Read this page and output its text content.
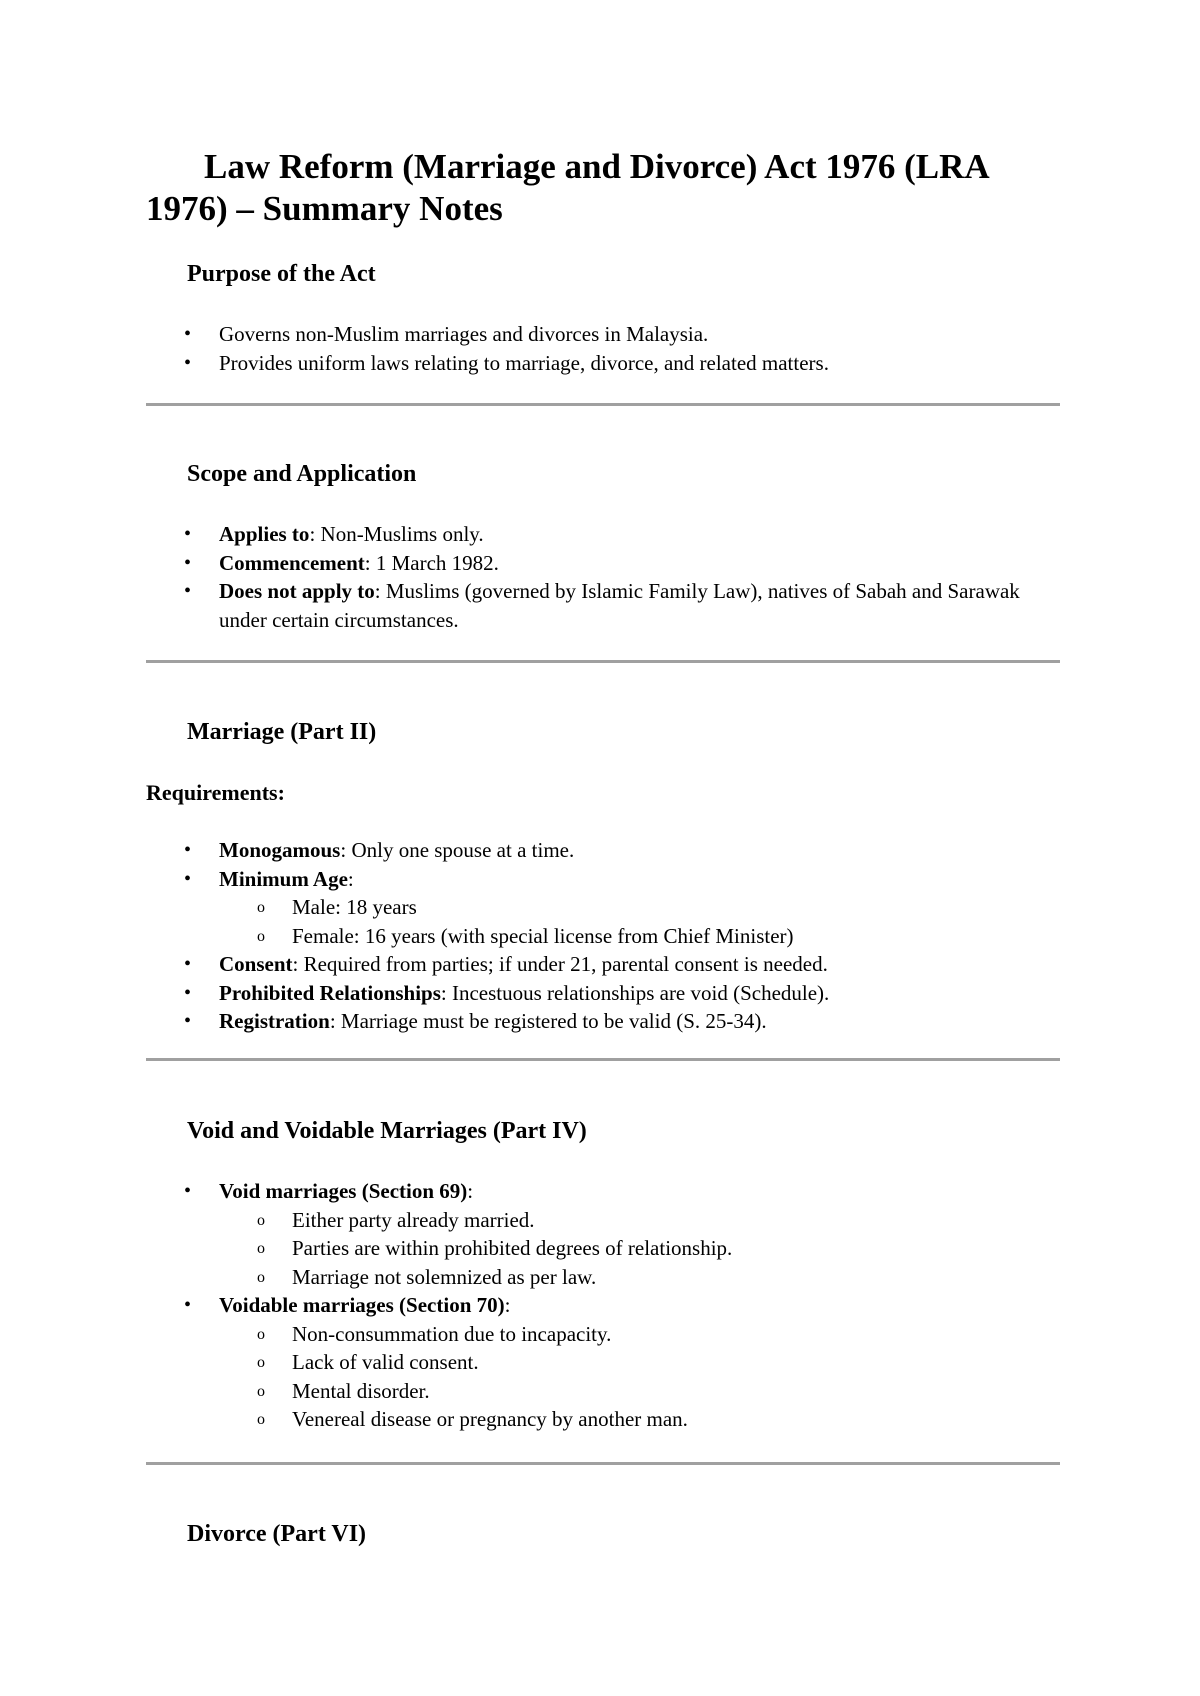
Law Reform (Marriage and Divorce) Act 1976 (LRA 1976) – Summary Notes
Purpose of the Act
• Governs non-Muslim marriages and divorces in Malaysia.
• Provides uniform laws relating to marriage, divorce, and related matters.
Scope and Application
• Applies to: Non-Muslims only.
• Commencement: 1 March 1982.
• Does not apply to: Muslims (governed by Islamic Family Law), natives of Sabah and Sarawak under certain circumstances.
Marriage (Part II)

Requirements:

• Monogamous: Only one spouse at a time.
• Minimum Age:
o Male: 18 years
o Female: 16 years (with special license from Chief Minister)
• Consent: Required from parties; if under 21, parental consent is needed.
• Prohibited Relationships: Incestuous relationships are void (Schedule).
• Registration: Marriage must be registered to be valid (S. 25-34).
Void and Voidable Marriages (Part IV)
• Void marriages (Section 69):
o Either party already married.
o Parties are within prohibited degrees of relationship.
o Marriage not solemnized as per law.
• Voidable marriages (Section 70):
o Non-consummation due to incapacity.
o Lack of valid consent.
o Mental disorder.
o Venereal disease or pregnancy by another man.
Divorce (Part VI)
